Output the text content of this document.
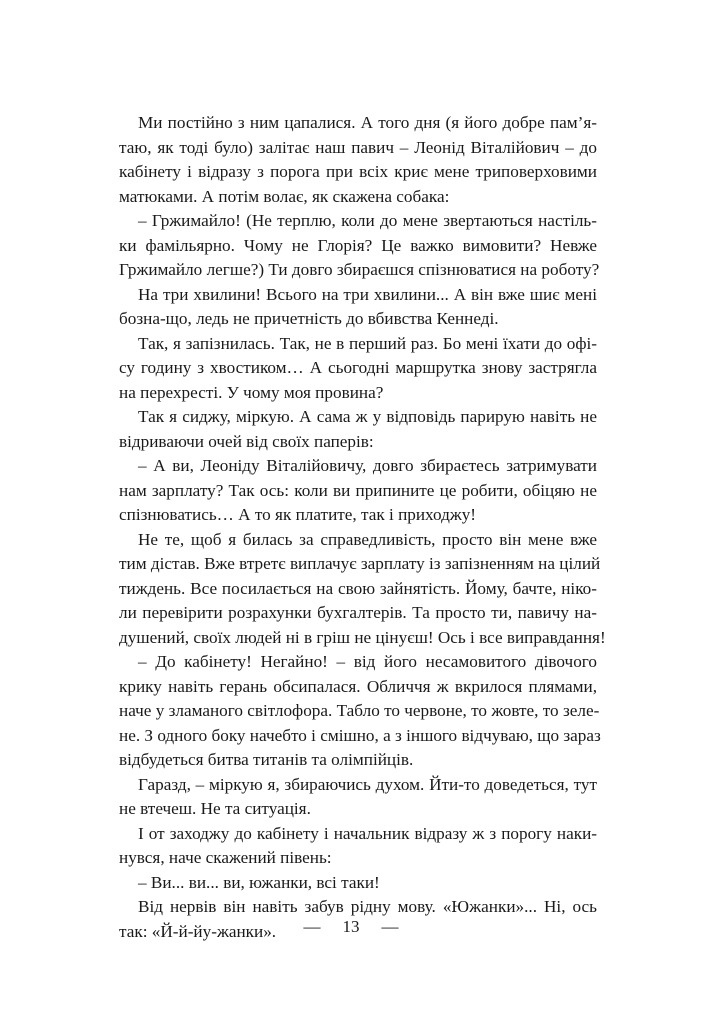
Ми постійно з ним цапалися. А того дня (я його добре пам’я-
таю, як тоді було) залітає наш павич – Леонід Віталійович – до
кабінету і відразу з порога при всіх криє мене триповерховими
матюками. А потім волає, як скажена собака:
– Гржимайло! (Не терплю, коли до мене звертаються настіль-
ки фамільярно. Чому не Глорія? Це важко вимовити? Невже
Гржимайло легше?) Ти довго збираєшся спізнюватися на роботу?
На три хвилини! Всього на три хвилини... А він вже шиє мені
бозна-що, ледь не причетність до вбивства Кеннеді.
Так, я запізнилась. Так, не в перший раз. Бо мені їхати до офі-
су годину з хвостиком… А сьогодні маршрутка знову застрягла
на перехресті. У чому моя провина?
Так я сиджу, міркую. А сама ж у відповідь парирую навіть не
відриваючи очей від своїх паперів:
– А ви, Леоніду Віталійовичу, довго збираєтесь затримувати
нам зарплату? Так ось: коли ви припините це робити, обіцяю не
спізнюватись… А то як платите, так і приходжу!
Не те, щоб я билась за справедливість, просто він мене вже
тим дістав. Вже втретє виплачує зарплату із запізненням на цілий
тиждень. Все посилається на свою зайнятість. Йому, бачте, ніко-
ли перевірити розрахунки бухгалтерів. Та просто ти, павичу на-
душений, своїх людей ні в гріш не цінуєш! Ось і все виправдання!
– До кабінету! Негайно! – від його несамовитого дівочого
крику навіть герань обсипалася. Обличчя ж вкрилося плямами,
наче у зламаного світлофора. Табло то червоне, то жовте, то зеле-
не. З одного боку начебто і смішно, а з іншого відчуваю, що зараз
відбудеться битва титанів та олімпійців.
Гаразд, – міркую я, збираючись духом. Йти-то доведеться, тут
не втечеш. Не та ситуація.
І от заходжу до кабінету і начальник відразу ж з порогу наки-
нувся, наче скажений півень:
– Ви... ви... ви, южанки, всі таки!
Від нервів він навіть забув рідну мову. «Южанки»... Ні, ось
так: «Й-й-йу-жанки».	— 13 —
